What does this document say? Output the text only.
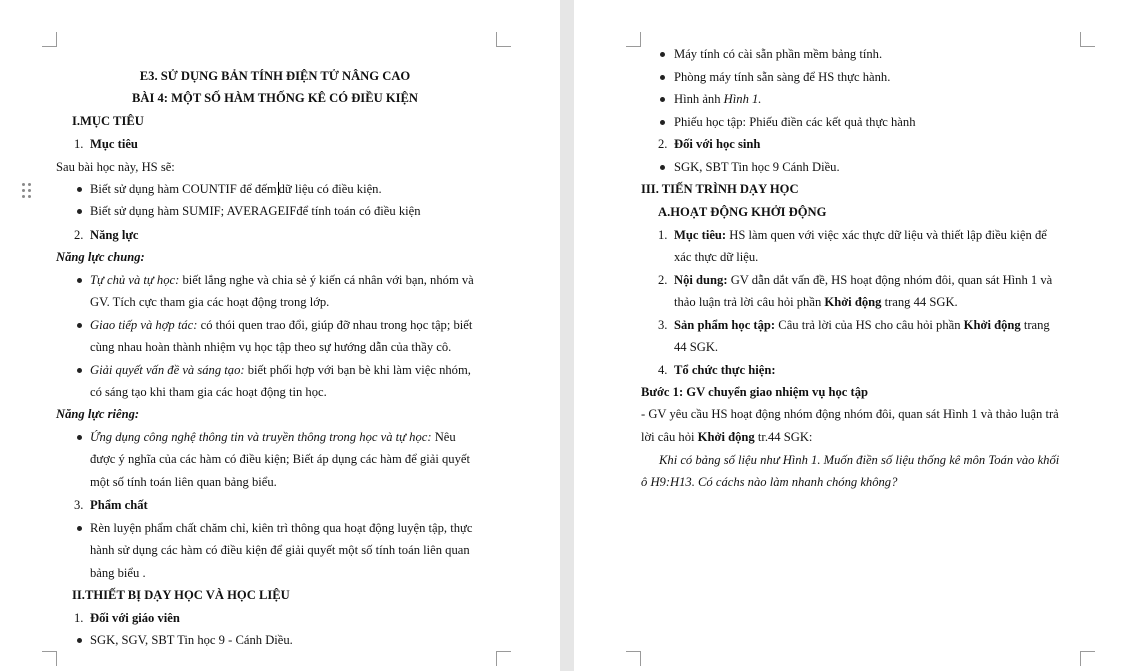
E3. SỬ DỤNG BẢN TÍNH ĐIỆN TỬ NÂNG CAO
BÀI 4: MỘT SỐ HÀM THỐNG KÊ CÓ ĐIỀU KIỆN
I.MỤC TIÊU
1. Mục tiêu
Sau bài học này, HS sẽ:
Biết sử dụng hàm COUNTIF để đếm dữ liệu có điều kiện.
Biết sử dụng hàm SUMIF; AVERAGEIFđể tính toán có điều kiện
2. Năng lực
Năng lực chung:
Tự chủ và tự học: biết lắng nghe và chia sẻ ý kiến cá nhân với bạn, nhóm và
GV. Tích cực tham gia các hoạt động trong lớp.
Giao tiếp và hợp tác: có thói quen trao đổi, giúp đỡ nhau trong học tập; biết
cùng nhau hoàn thành nhiệm vụ học tập theo sự hướng dẫn của thầy cô.
Giải quyết vấn đề và sáng tạo: biết phối hợp với bạn bè khi làm việc nhóm,
có sáng tạo khi tham gia các hoạt động tin học.
Năng lực riêng:
Ứng dụng công nghệ thông tin và truyền thông trong học và tự học: Nêu
được ý nghĩa của các hàm có điều kiện; Biết áp dụng các hàm để giải quyết
một số tính toán liên quan bảng biểu.
3. Phẩm chất
Rèn luyện phẩm chất chăm chỉ, kiên trì thông qua hoạt động luyện tập, thực
hành sử dụng các hàm có điều kiện để giải quyết một số tính toán liên quan
bảng biểu .
II.THIẾT BỊ DẠY HỌC VÀ HỌC LIỆU
1. Đối với giáo viên
SGK, SGV, SBT Tin học 9 - Cánh Diều.
Máy tính có cài sẵn phần mềm bảng tính.
Phòng máy tính sẵn sàng để HS thực hành.
Hình ảnh Hình 1.
Phiếu học tập: Phiếu điền các kết quả thực hành
2. Đối với học sinh
SGK, SBT Tin học 9 Cánh Diều.
III. TIẾN TRÌNH DẠY HỌC
A.HOẠT ĐỘNG KHỞI ĐỘNG
1. Mục tiêu: HS làm quen với việc xác thực dữ liệu và thiết lập điều kiện để
xác thực dữ liệu.
2. Nội dung: GV dẫn dắt vấn đề, HS hoạt động nhóm đôi, quan sát Hình 1 và
thảo luận trả lời câu hỏi phần Khởi động trang 44 SGK.
3. Sản phẩm học tập: Câu trả lời của HS cho câu hỏi phần Khởi động trang
44 SGK.
4. Tổ chức thực hiện:
Bước 1: GV chuyển giao nhiệm vụ học tập
- GV yêu cầu HS hoạt động nhóm động nhóm đôi, quan sát Hình 1 và thảo luận trả
lời câu hỏi Khởi động tr.44 SGK:
Khi có bảng số liệu như Hình 1. Muốn điền số liệu thống kê môn Toán vào khối
ô H9:H13. Có cáchs nào làm nhanh chóng không?
